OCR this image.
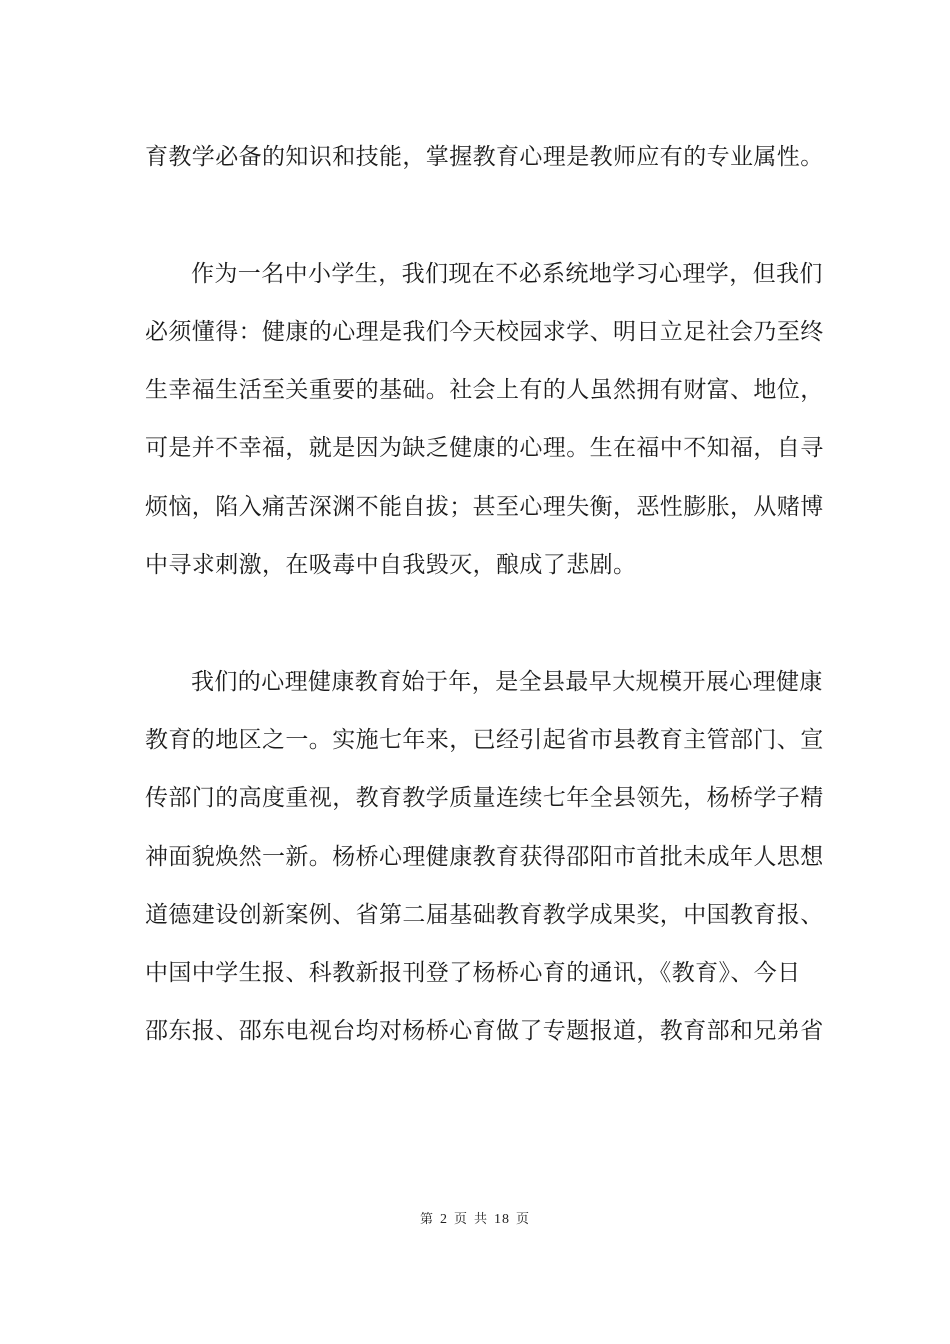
育教学必备的知识和技能，掌握教育心理是教师应有的专业属性。
作为一名中小学生，我们现在不必系统地学习心理学，但我们
必须懂得：健康的心理是我们今天校园求学、明日立足社会乃至终
生幸福生活至关重要的基础。社会上有的人虽然拥有财富、地位，
可是并不幸福，就是因为缺乏健康的心理。生在福中不知福，自寻
烦恼，陷入痛苦深渊不能自拔；甚至心理失衡，恶性膨胀，从赌博
中寻求刺激，在吸毒中自我毁灭，酿成了悲剧。
我们的心理健康教育始于年，是全县最早大规模开展心理健康
教育的地区之一。实施七年来，已经引起省市县教育主管部门、宣
传部门的高度重视，教育教学质量连续七年全县领先，杨桥学子精
神面貌焕然一新。杨桥心理健康教育获得邵阳市首批未成年人思想
道德建设创新案例、省第二届基础教育教学成果奖，中国教育报、
中国中学生报、科教新报刊登了杨桥心育的通讯，《教育》、今日
邵东报、邵东电视台均对杨桥心育做了专题报道，教育部和兄弟省
第 2 页 共 18 页
